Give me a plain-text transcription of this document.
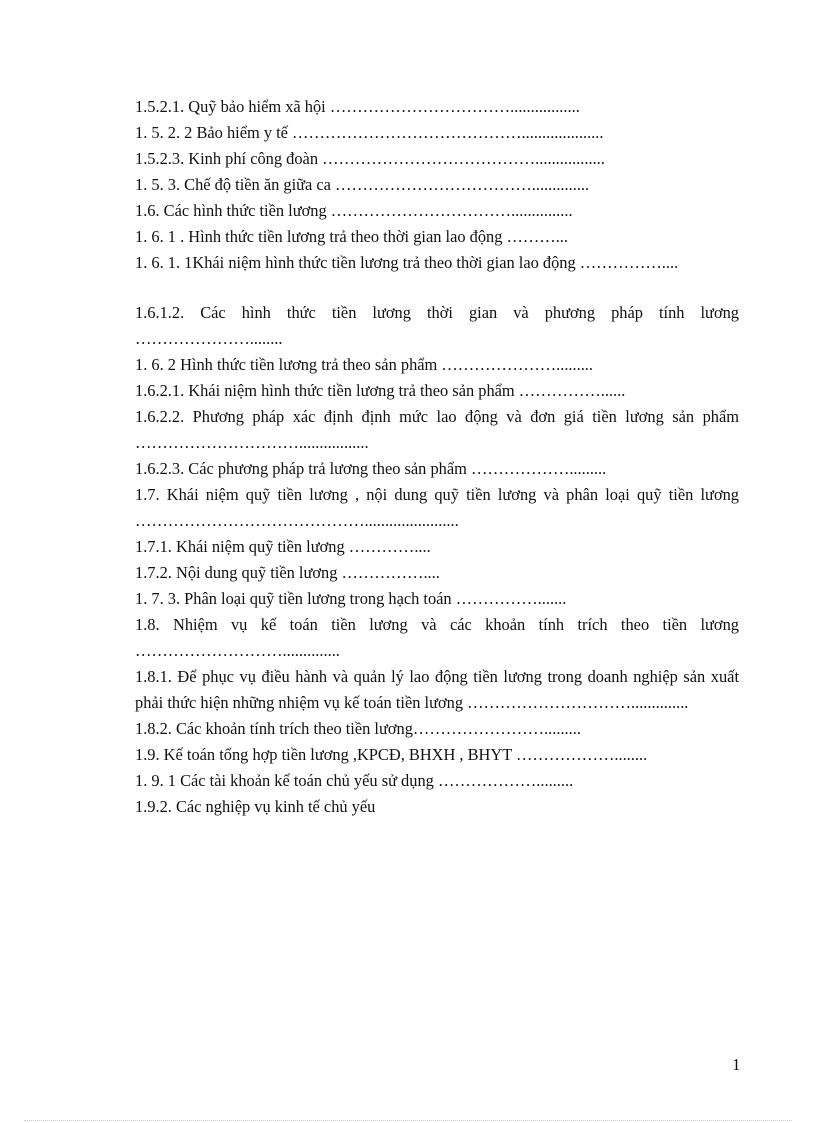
1.5.2.1. Quỹ bảo hiểm xã hội …………………………….................
1. 5. 2. 2 Bảo hiểm y tế ……………………………………....................
1.5.2.3. Kinh phí công đoàn ………………………………….................
1. 5. 3. Chế độ tiền ăn giữa ca ………………………………..............
1.6. Các hình thức tiền lương ……………………………...............
1. 6. 1 . Hình thức tiền lương trả theo thời gian lao động ………...
1. 6. 1. 1Khái niệm hình thức tiền lương trả theo thời gian lao động ……………....
1.6.1.2. Các hình thức tiền lương thời gian và phương pháp tính lương …………………........
1. 6. 2 Hình thức tiền lương trả theo sản phẩm ………………….........
1.6.2.1. Khái niệm hình thức tiền lương trả theo sản phẩm ……………......
1.6.2.2. Phương pháp xác định định mức lao động và đơn giá tiền lương sản phẩm ………………………….................
1.6.2.3. Các phương pháp trả lương theo sản phẩm ……………….........
1.7. Khái niệm quỹ tiền lương , nội dung quỹ tiền lương và phân loại quỹ tiền lương …………………………………….......................
1.7.1. Khái niệm quỹ tiền lương …………....
1.7.2. Nội dung quỹ tiền lương ……………....
1. 7. 3. Phân loại quỹ tiền lương trong hạch toán …………….......
1.8. Nhiệm vụ kế toán tiền lương và các khoản tính trích theo tiền lương ………………………..............
1.8.1. Để phục vụ điều hành và quản lý lao động tiền lương trong doanh nghiệp sản xuất phải thức hiện những nhiệm vụ kế toán tiền lương …………………………..............
1.8.2. Các khoản tính trích theo tiền lương…………………….........
1.9. Kế toán tổng hợp tiền lương ,KPCĐ, BHXH , BHYT ………………........
1. 9. 1 Các tài khoản kế toán chủ yếu sử dụng ……………….........
1.9.2. Các nghiệp vụ kinh tế chủ yếu
1
